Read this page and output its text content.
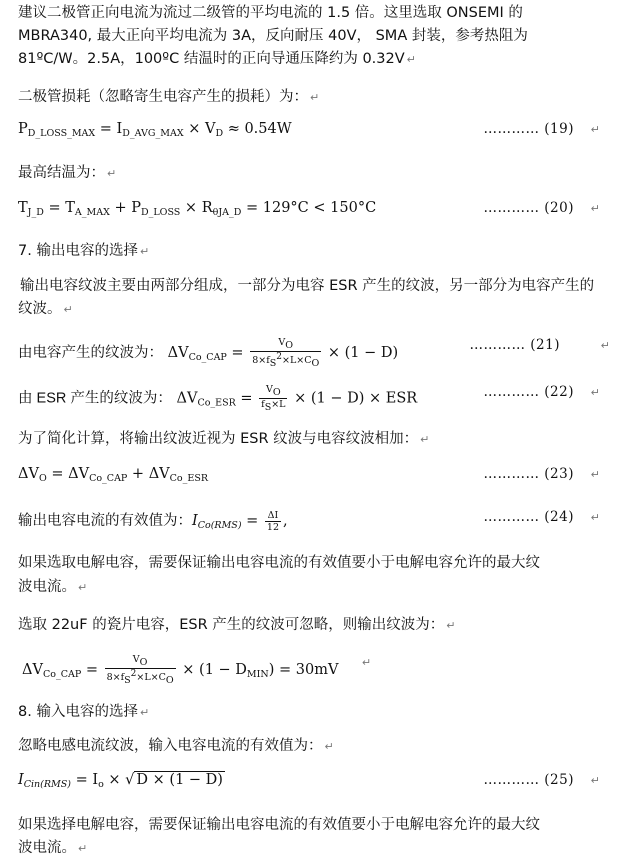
建议二极管正向电流为流过二级管的平均电流的 1.5 倍。这里选取 ONSEMI 的
MBRA340, 最大正向平均电流为 3A，反向耐压 40V， SMA 封装，参考热阻为
81ºC/W。2.5A，100ºC 结温时的正向导通压降约为 0.32V ↵
二极管损耗（忽略寄生电容产生的损耗）为： ↵
$P_{D\_LOSS\_MAX} = I_{D\_AVG\_MAX} \times V_D \approx 0.54W$	………… (19) ↵
最高结温为： ↵
$T_{J\_D} = T_{A\_MAX} + P_{D\_LOSS} \times R_{\theta JA\_D} = 129^\circ C < 150^\circ C$	………… (20) ↵
7. 输出电容的选择 ↵
输出电容纹波主要由两部分组成，一部分为电容 ESR 产生的纹波，另一部分为电容产生的
纹波。 ↵
由电容产生的纹波为： $\Delta V_{Co\_CAP} = \frac{V_O}{8\times f_S^2\times L\times C_O} \times (1 - D)$
………… (21)	↵
由 ESR 产生的纹波为： $\Delta V_{Co\_ESR} = \frac{V_O}{f_S\times L} \times (1 - D)$ × ESR	………… (22) ↵
为了简化计算，将输出纹波近视为 ESR 纹波与电容纹波相加： ↵
$\Delta V_O = \Delta V_{Co\_CAP} + \Delta V_{Co\_ESR}$	………… (23) ↵
输出电容电流的有效值为：$I_{Co(RMS)} = \frac{\Delta I}{12}$ ,	………… (24) ↵
如果选取电解电容，需要保证输出电容电流的有效值要小于电解电容允许的最大纹
波电流。 ↵
选取 22uF 的瓷片电容，ESR 产生的纹波可忽略，则输出纹波为： ↵
$\Delta V_{Co\_CAP} = \frac{V_O}{8\times f_S^2\times L\times C_O} \times (1 - D_{MIN}) = 30mV$ ↵
8. 输入电容的选择 ↵
忽略电感电流纹波，输入电容电流的有效值为： ↵
$I_{Cin(RMS)} = I_o$ × √ D × (1 − D)	………… (25) ↵
如果选择电解电容，需要保证输出电容电流的有效值要小于电解电容允许的最大纹
波电流。 ↵
